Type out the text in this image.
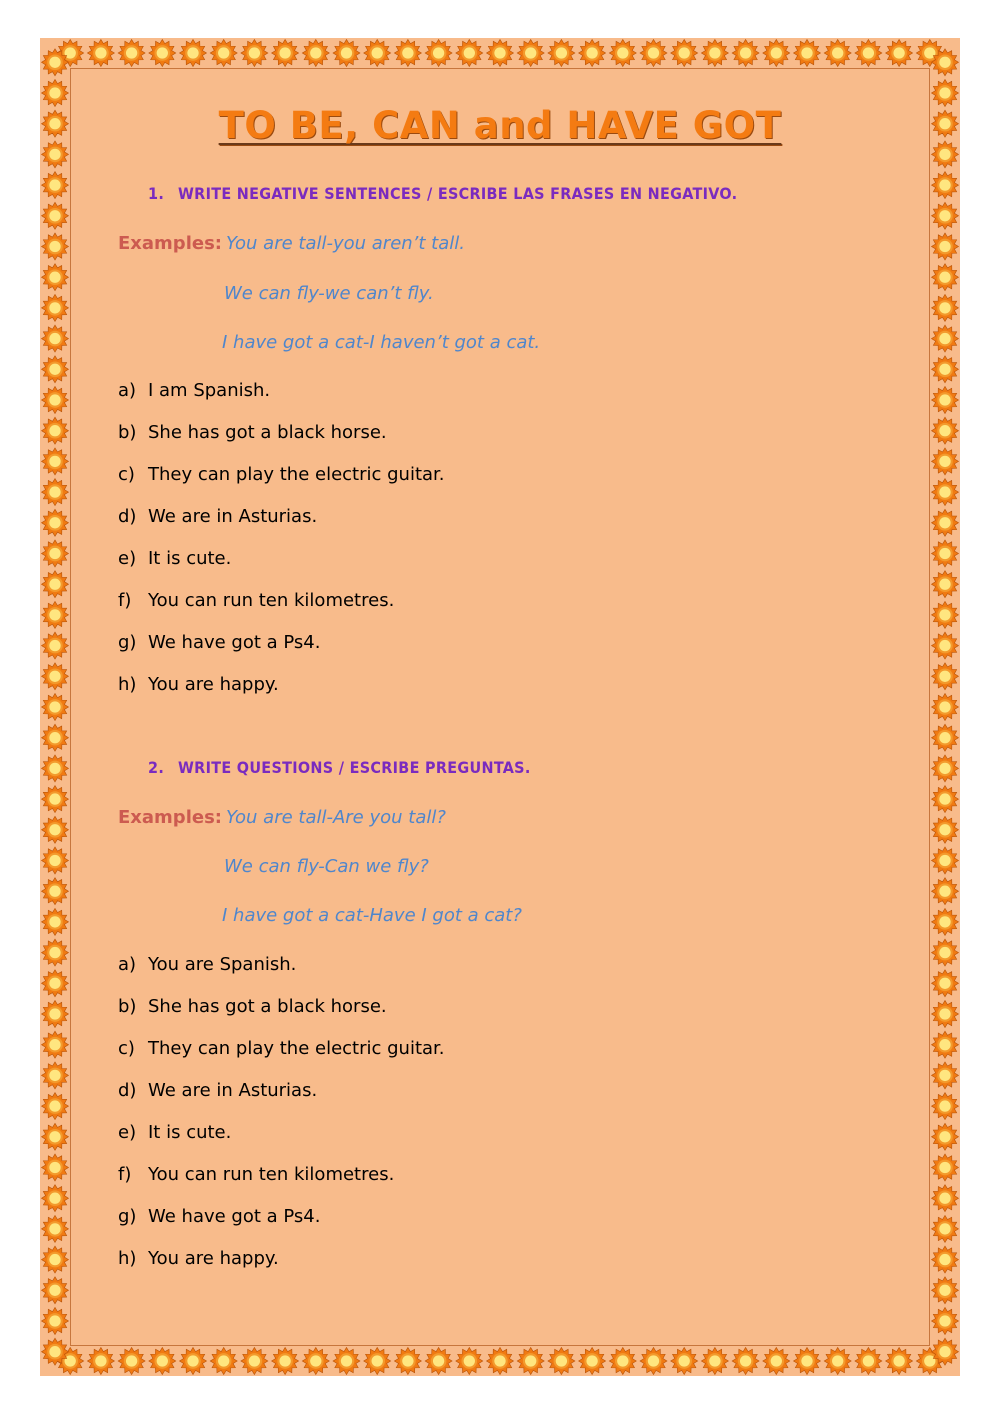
TO BE, CAN and HAVE GOT
1. WRITE NEGATIVE SENTENCES / ESCRIBE LAS FRASES EN NEGATIVO.
Examples: You are tall-you aren’t tall.
We can fly-we can’t fly.
I have got a cat-I haven’t got a cat.
a) I am Spanish.
b) She has got a black horse.
c) They can play the electric guitar.
d) We are in Asturias.
e) It is cute.
f) You can run ten kilometres.
g) We have got a Ps4.
h) You are happy.
2. WRITE QUESTIONS / ESCRIBE PREGUNTAS.
Examples: You are tall-Are you tall?
We can fly-Can we fly?
I have got a cat-Have I got a cat?
a) You are Spanish.
b) She has got a black horse.
c) They can play the electric guitar.
d) We are in Asturias.
e) It is cute.
f) You can run ten kilometres.
g) We have got a Ps4.
h) You are happy.
